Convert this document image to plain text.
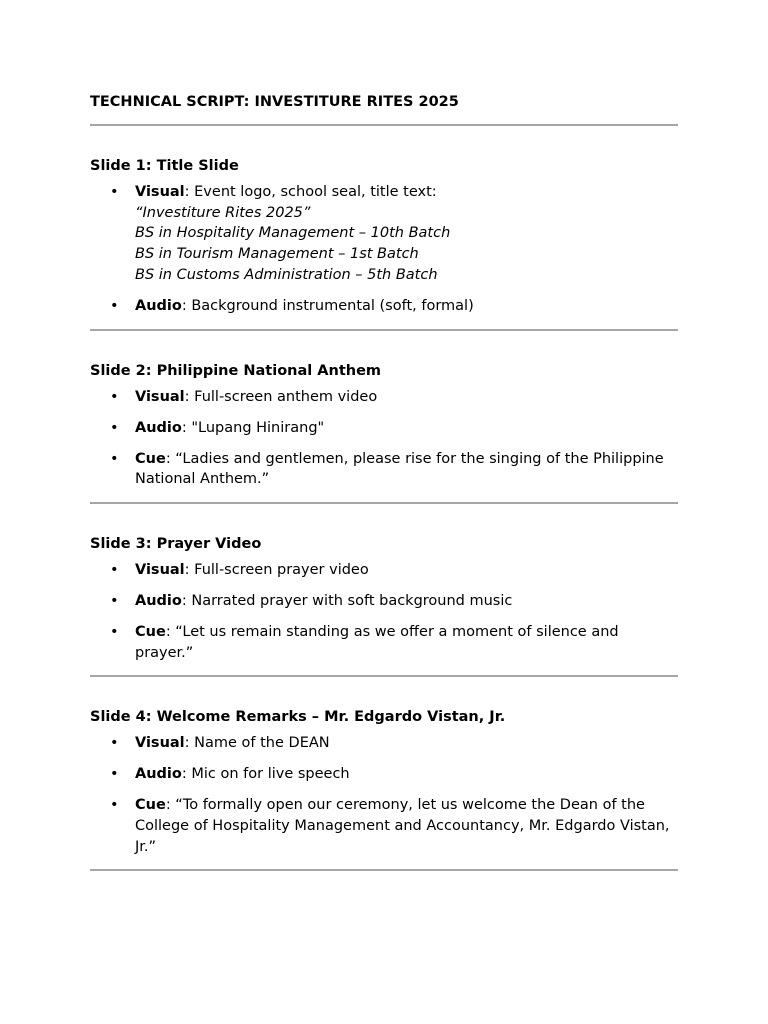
TECHNICAL SCRIPT: INVESTITURE RITES 2025
Slide 1: Title Slide
• Visual: Event logo, school seal, title text:
“Investiture Rites 2025”
BS in Hospitality Management – 10th Batch
BS in Tourism Management – 1st Batch
BS in Customs Administration – 5th Batch
• Audio: Background instrumental (soft, formal)
Slide 2: Philippine National Anthem
• Visual: Full-screen anthem video
• Audio: "Lupang Hinirang"
• Cue: “Ladies and gentlemen, please rise for the singing of the Philippine National Anthem.”
Slide 3: Prayer Video
• Visual: Full-screen prayer video
• Audio: Narrated prayer with soft background music
• Cue: “Let us remain standing as we offer a moment of silence and prayer.”
Slide 4: Welcome Remarks – Mr. Edgardo Vistan, Jr.
• Visual: Name of the DEAN
• Audio: Mic on for live speech
• Cue: “To formally open our ceremony, let us welcome the Dean of the College of Hospitality Management and Accountancy, Mr. Edgardo Vistan, Jr.”
